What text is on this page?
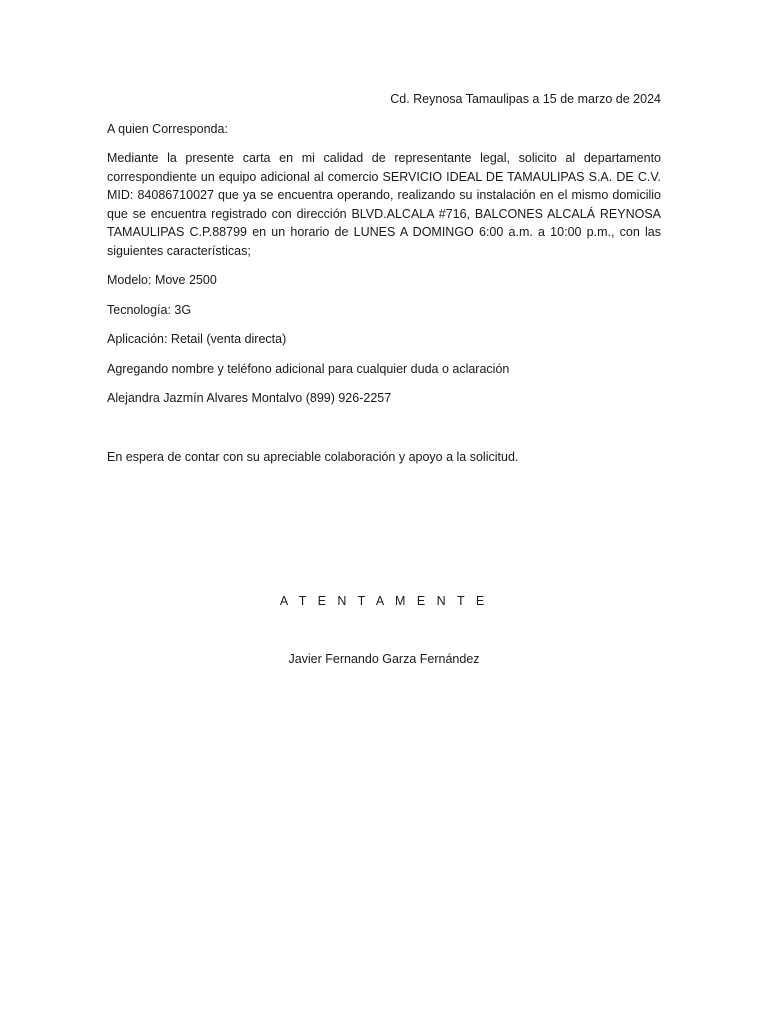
Cd. Reynosa Tamaulipas a 15 de marzo de 2024

A quien Corresponda:

Mediante la presente carta en mi calidad de representante legal, solicito al departamento correspondiente un equipo adicional al comercio SERVICIO IDEAL DE TAMAULIPAS S.A. DE C.V. MID: 84086710027 que ya se encuentra operando, realizando su instalación en el mismo domicilio que se encuentra registrado con dirección BLVD.ALCALA #716, BALCONES ALCALÁ REYNOSA TAMAULIPAS C.P.88799 en un horario de LUNES A DOMINGO 6:00 a.m. a 10:00 p.m., con las siguientes características;

Modelo: Move 2500

Tecnología: 3G

Aplicación: Retail (venta directa)

Agregando nombre y teléfono adicional para cualquier duda o aclaración

Alejandra Jazmín Alvares Montalvo (899) 926-2257

En espera de contar con su apreciable colaboración y apoyo a la solicitud.

A T E N T A M E N T E
Javier Fernando Garza Fernández
